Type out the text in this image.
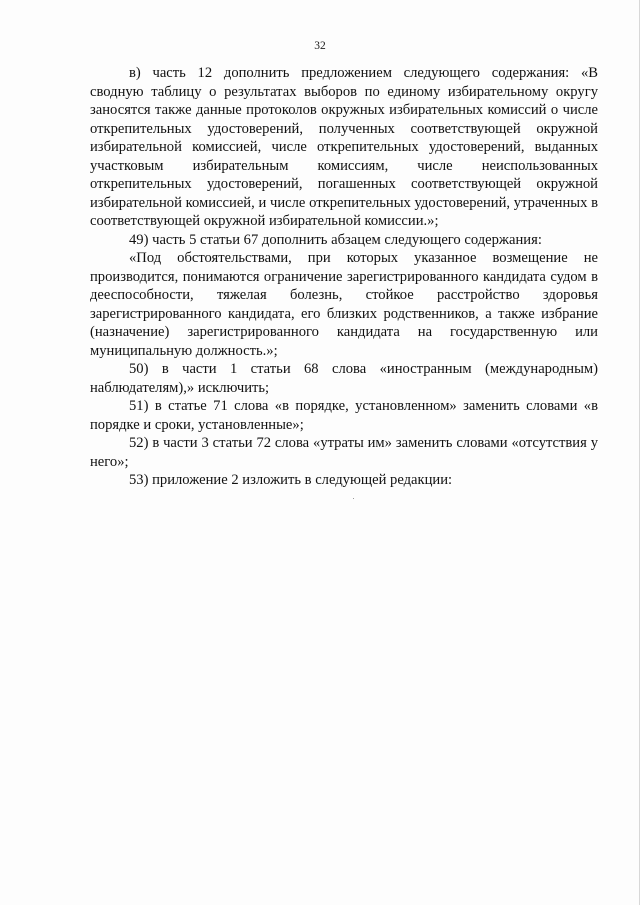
32

в) часть 12 дополнить предложением следующего содержания: «В сводную таблицу о результатах выборов по единому избирательному округу заносятся также данные протоколов окружных избирательных комиссий о числе открепительных удостоверений, полученных соответствующей окружной избирательной комиссией, числе открепительных удостоверений, выданных участковым избирательным комиссиям, числе неиспользованных открепительных удостоверений, погашенных соответствующей окружной избирательной комиссией, и числе открепительных удостоверений, утраченных в соответствующей окружной избирательной комиссии.»;

49) часть 5 статьи 67 дополнить абзацем следующего содержания:

«Под обстоятельствами, при которых указанное возмещение не производится, понимаются ограничение зарегистрированного кандидата судом в дееспособности, тяжелая болезнь, стойкое расстройство здоровья зарегистрированного кандидата, его близких родственников, а также избрание (назначение) зарегистрированного кандидата на государственную или муниципальную должность.»;

50) в части 1 статьи 68 слова «иностранным (международным) наблюдателям),» исключить;

51) в статье 71 слова «в порядке, установленном» заменить словами «в порядке и сроки, установленные»;

52) в части 3 статьи 72 слова «утраты им» заменить словами «отсутствия у него»;

53) приложение 2 изложить в следующей редакции:
